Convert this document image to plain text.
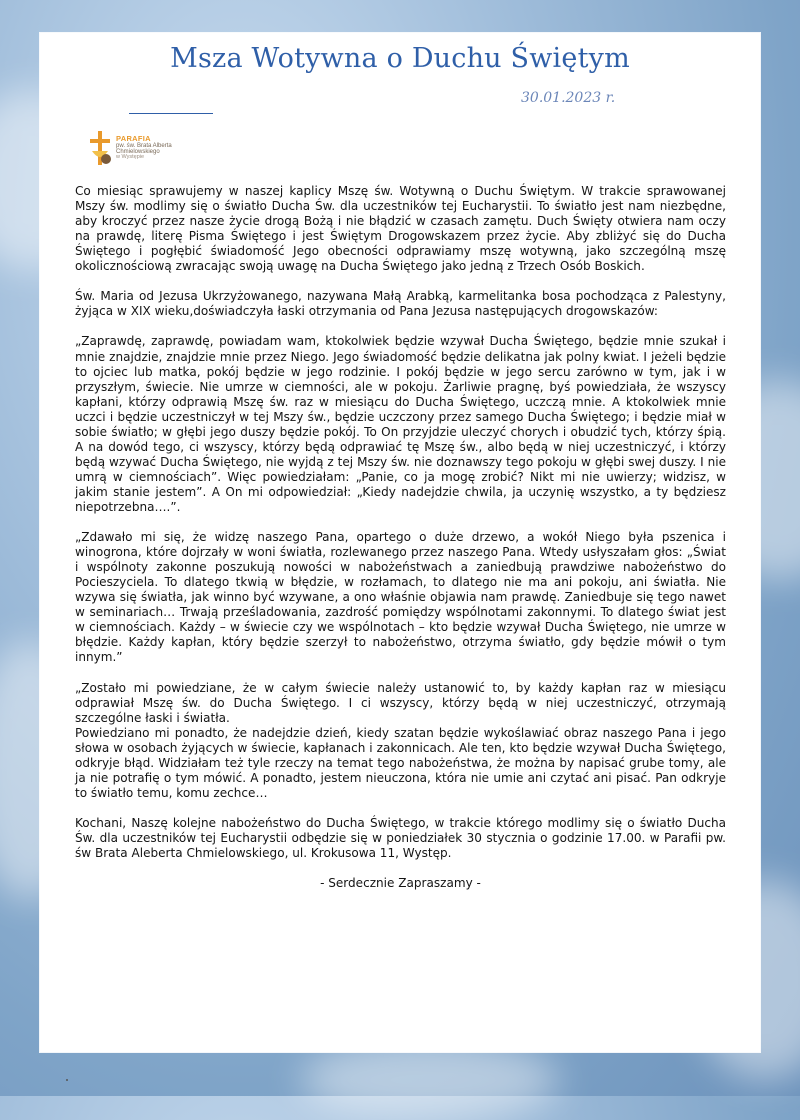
Msza Wotywna o Duchu Świętym
30.01.2023 r.
PARAFIA
pw. św. Brata Alberta
Chmielowskiego
w Występie

Co miesiąc sprawujemy w naszej kaplicy Mszę św. Wotywną o Duchu Świętym. W trakcie sprawowanej Mszy św. modlimy się o światło Ducha Św. dla uczestników tej Eucharystii. To światło jest nam niezbędne, aby kroczyć przez nasze życie drogą Bożą i nie błądzić w czasach zamętu. Duch Święty otwiera nam oczy na prawdę, literę Pisma Świętego i jest Świętym Drogowskazem przez życie. Aby zbliżyć się do Ducha Świętego i pogłębić świadomość Jego obecności odprawiamy mszę wotywną, jako szczególną mszę okolicznościową zwracając swoją uwagę na Ducha Świętego jako jedną z Trzech Osób Boskich.

Św. Maria od Jezusa Ukrzyżowanego, nazywana Małą Arabką, karmelitanka bosa pochodząca z Palestyny, żyjąca w XIX wieku,doświadczyła łaski otrzymania od Pana Jezusa następujących drogowskazów:

„Zaprawdę, zaprawdę, powiadam wam, ktokolwiek będzie wzywał Ducha Świętego, będzie mnie szukał i mnie znajdzie, znajdzie mnie przez Niego. Jego świadomość będzie delikatna jak polny kwiat. I jeżeli będzie to ojciec lub matka, pokój będzie w jego rodzinie. I pokój będzie w jego sercu zarówno w tym, jak i w przyszłym, świecie. Nie umrze w ciemności, ale w pokoju. Żarliwie pragnę, byś powiedziała, że wszyscy kapłani, którzy odprawią Mszę św. raz w miesiącu do Ducha Świętego, uczczą mnie. A ktokolwiek mnie uczci i będzie uczestniczył w tej Mszy św., będzie uczczony przez samego Ducha Świętego; i będzie miał w sobie światło; w głębi jego duszy będzie pokój. To On przyjdzie uleczyć chorych i obudzić tych, którzy śpią. A na dowód tego, ci wszyscy, którzy będą odprawiać tę Mszę św., albo będą w niej uczestniczyć, i którzy będą wzywać Ducha Świętego, nie wyjdą z tej Mszy św. nie doznawszy tego pokoju w głębi swej duszy. I nie umrą w ciemnościach”. Więc powiedziałam: „Panie, co ja mogę zrobić? Nikt mi nie uwierzy; widzisz, w jakim stanie jestem”. A On mi odpowiedział: „Kiedy nadejdzie chwila, ja uczynię wszystko, a ty będziesz niepotrzebna….”.

„Zdawało mi się, że widzę naszego Pana, opartego o duże drzewo, a wokół Niego była pszenica i winogrona, które dojrzały w woni światła, rozlewanego przez naszego Pana. Wtedy usłyszałam głos: „Świat i wspólnoty zakonne poszukują nowości w nabożeństwach a zaniedbują prawdziwe nabożeństwo do Pocieszyciela. To dlatego tkwią w błędzie, w rozłamach, to dlatego nie ma ani pokoju, ani światła. Nie wzywa się światła, jak winno być wzywane, a ono właśnie objawia nam prawdę. Zaniedbuje się tego nawet w seminariach… Trwają prześladowania, zazdrość pomiędzy wspólnotami zakonnymi. To dlatego świat jest w ciemnościach. Każdy – w świecie czy we wspólnotach – kto będzie wzywał Ducha Świętego, nie umrze w błędzie. Każdy kapłan, który będzie szerzył to nabożeństwo, otrzyma światło, gdy będzie mówił o tym innym.”

„Zostało mi powiedziane, że w całym świecie należy ustanowić to, by każdy kapłan raz w miesiącu odprawiał Mszę św. do Ducha Świętego. I ci wszyscy, którzy będą w niej uczestniczyć, otrzymają szczególne łaski i światła.
Powiedziano mi ponadto, że nadejdzie dzień, kiedy szatan będzie wykoślawiać obraz naszego Pana i jego słowa w osobach żyjących w świecie, kapłanach i zakonnicach. Ale ten, kto będzie wzywał Ducha Świętego, odkryje błąd. Widziałam też tyle rzeczy na temat tego nabożeństwa, że można by napisać grube tomy, ale ja nie potrafię o tym mówić. A ponadto, jestem nieuczona, która nie umie ani czytać ani pisać. Pan odkryje to światło temu, komu zechce…

Kochani, Naszę kolejne nabożeństwo do Ducha Świętego, w trakcie którego modlimy się o światło Ducha Św. dla uczestników tej Eucharystii odbędzie się w poniedziałek 30 stycznia o godzinie 17.00. w Parafii pw. św Brata Aleberta Chmielowskiego, ul. Krokusowa 11, Występ.

- Serdecznie Zapraszamy -
